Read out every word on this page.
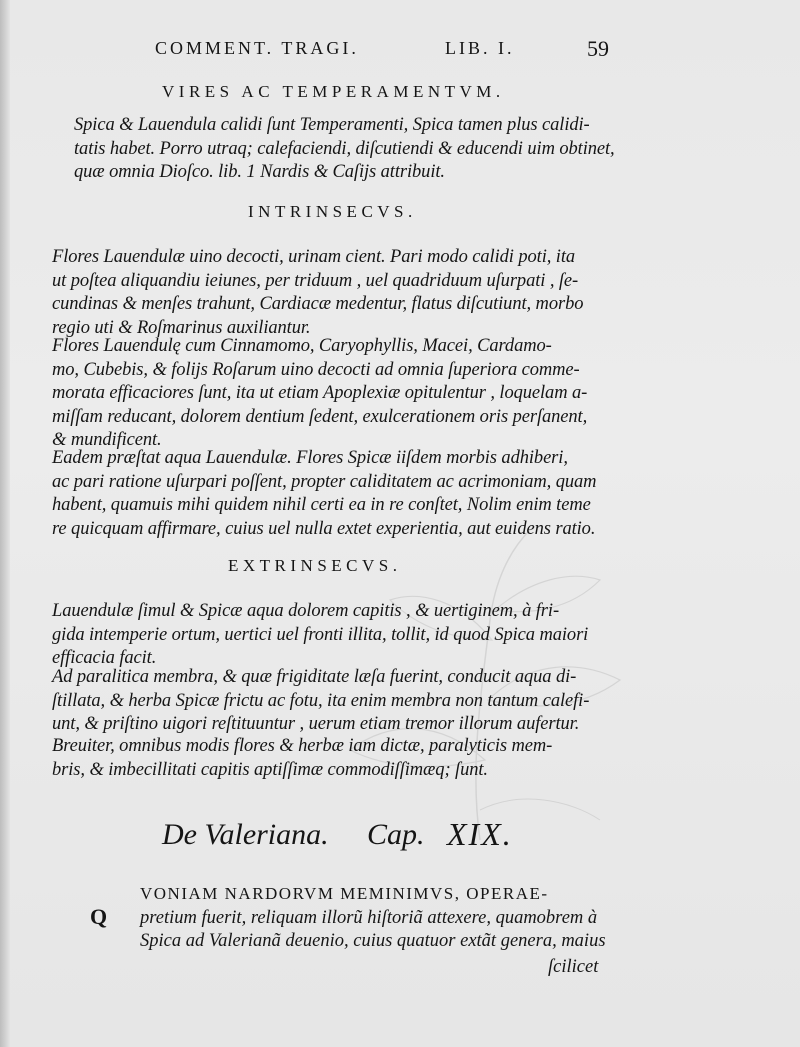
COMMENT. TRAGI.	LIB. I.	59
VIRES AC TEMPERAMENTVM.
Spica & Lauendula calidi ſunt Temperamenti, Spica tamen plus calidi-
tatis habet. Porro utraq; calefaciendi, diſcutiendi & educendi uim obtinet,
quæ omnia Dioſco. lib. 1 Nardis & Caſijs attribuit.
INTRINSECVS.
Flores Lauendulæ uino decocti, urinam cient. Pari modo calidi poti, ita
ut poſtea aliquandiu ieiunes, per triduum , uel quadriduum uſurpati , ſe-
cundinas & menſes trahunt, Cardiacæ medentur, flatus diſcutiunt, morbo
regio uti & Roſmarinus auxiliantur.
Flores Lauendulę cum Cinnamomo, Caryophyllis, Macei, Cardamo-
mo, Cubebis, & folijs Roſarum uino decocti ad omnia ſuperiora comme-
morata efficaciores ſunt, ita ut etiam Apoplexiæ opitulentur , loquelam a-
miſſam reducant, dolorem dentium ſedent, exulcerationem oris perſanent,
& mundificent.
Eadem præſtat aqua Lauendulæ. Flores Spicæ iiſdem morbis adhiberi,
ac pari ratione uſurpari poſſent, propter caliditatem ac acrimoniam, quam
habent, quamuis mihi quidem nihil certi ea in re conſtet, Nolim enim teme
re quicquam affirmare, cuius uel nulla extet experientia, aut euidens ratio.
EXTRINSECVS.
Lauendulæ ſimul & Spicæ aqua dolorem capitis , & uertiginem, à fri-
gida intemperie ortum, uertici uel fronti illita, tollit, id quod Spica maiori
efficacia facit.
Ad paralitica membra, & quæ frigiditate læſa fuerint, conducit aqua di-
ſtillata, & herba Spicæ frictu ac fotu, ita enim membra non tantum calefi-
unt, & priſtino uigori reſtituuntur , uerum etiam tremor illorum aufertur.
Breuiter, omnibus modis flores & herbæ iam dictæ, paralyticis mem-
bris, & imbecillitati capitis aptiſſimæ commodiſſimæq; ſunt.
De Valeriana. Cap. XIX.
Q
VONIAM NARDORVM MEMINIMVS, OPERAE-
pretium fuerit, reliquam illorũ hiſtoriã attexere, quamobrem à
Spica ad Valerianã deuenio, cuius quatuor extãt genera, maius
ſcilicet
